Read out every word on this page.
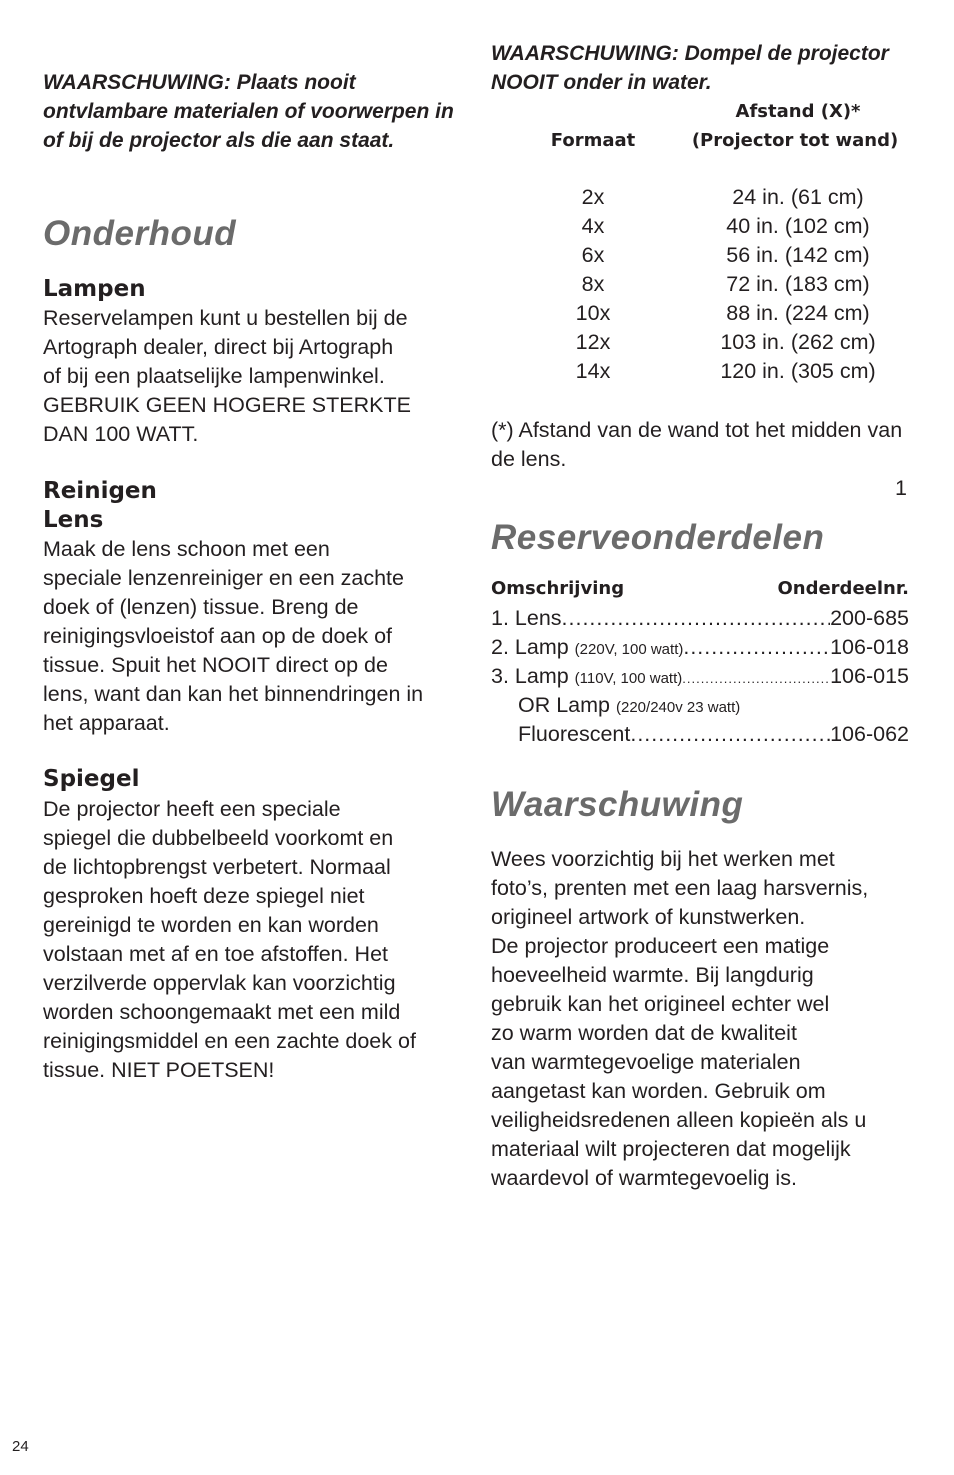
WAARSCHUWING: Plaats nooit ontvlambare materialen of voorwerpen in of bij de projector als die aan staat.

Onderhoud
Lampen

Reservelampen kunt u bestellen bij de
Artograph dealer, direct bij Artograph
of bij een plaatselijke lampenwinkel.
GEBRUIK GEEN HOGERE STERKTE
DAN 100 WATT.

Reinigen
Lens

Maak de lens schoon met een
speciale lenzenreiniger en een zachte
doek of (lenzen) tissue. Breng de
reinigingsvloeistof aan op de doek of
tissue. Spuit het NOOIT direct op de
lens, want dan kan het binnendringen in
het apparaat.

Spiegel

De projector heeft een speciale
spiegel die dubbelbeeld voorkomt en
de lichtopbrengst verbetert. Normaal
gesproken hoeft deze spiegel niet
gereinigd te worden en kan worden
volstaan met af en toe afstoffen. Het
verzilverde oppervlak kan voorzichtig
worden schoongemaakt met een mild
reinigingsmiddel en een zachte doek of
tissue. NIET POETSEN!

WAARSCHUWING: Dompel de projector NOOIT onder in water.

Afstand (X)*
Formaat	(Projector tot wand)
2x	24 in. (61 cm)
4x	40 in. (102 cm)
6x	56 in. (142 cm)
8x	72 in. (183 cm)
10x	88 in. (224 cm)
12x	103 in. (262 cm)
14x	120 in. (305 cm)

(*) Afstand van de wand tot het midden van de lens.

1
Reserveonderdelen
Omschrijving	Onderdeelnr.
1. Lens .....	200-685
2. Lamp
(220V, 100 watt) .....	106-018
3. Lamp
(110V, 100 watt) .....	106-015
OR Lamp
(220/240v 23 watt)
Fluorescent .....	106-062
Waarschuwing

Wees voorzichtig bij het werken met
foto’s, prenten met een laag harsvernis,
origineel artwork of kunstwerken.
De projector produceert een matige
hoeveelheid warmte. Bij langdurig
gebruik kan het origineel echter wel
zo warm worden dat de kwaliteit
van warmtegevoelige materialen
aangetast kan worden. Gebruik om
veiligheidsredenen alleen kopieën als u
materiaal wilt projecteren dat mogelijk
waardevol of warmtegevoelig is.

24
